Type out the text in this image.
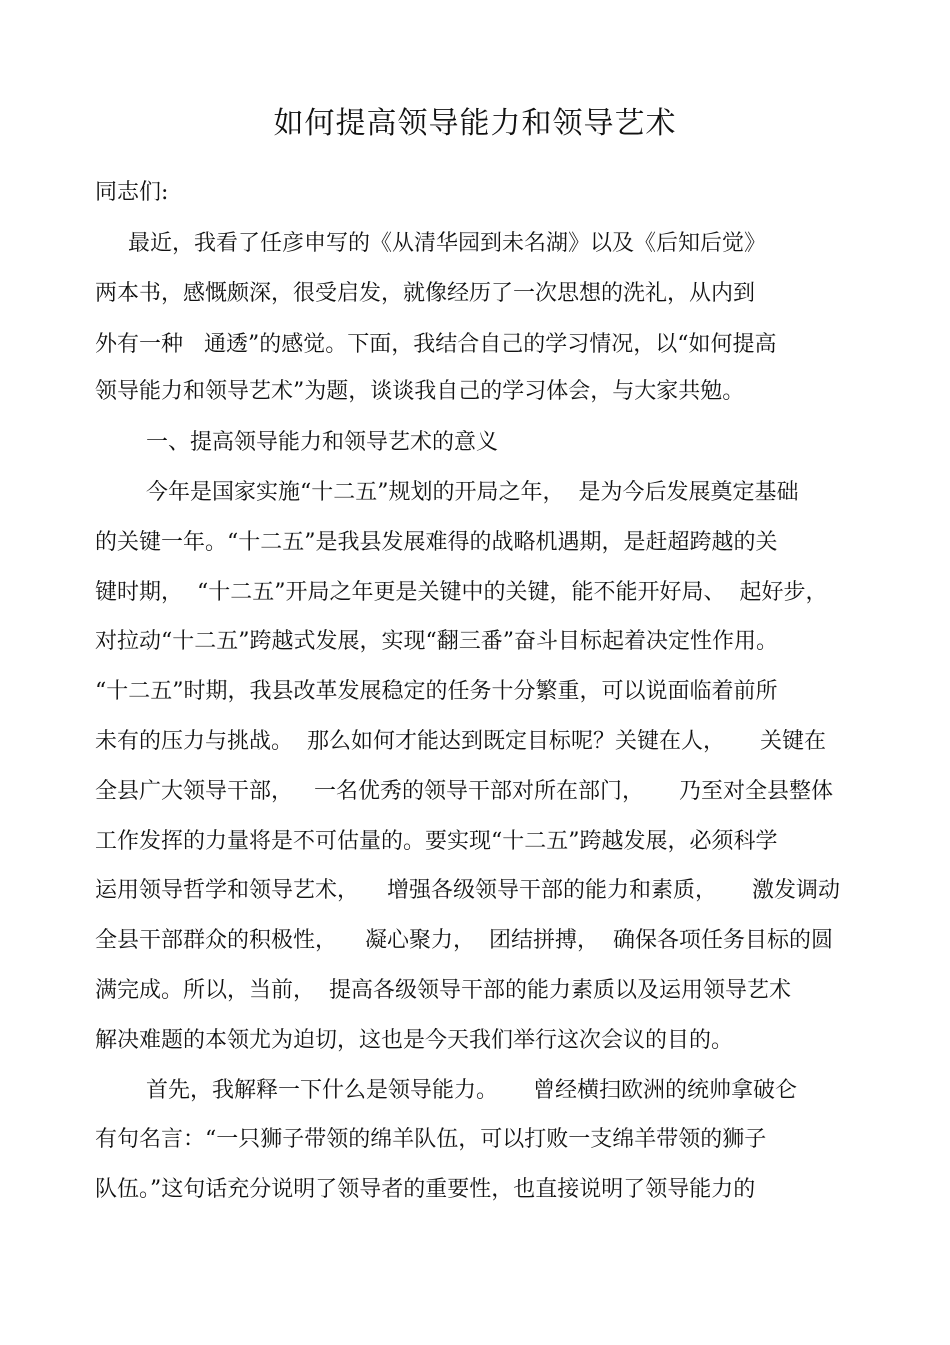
如何提高领导能力和领导艺术
同志们:
最近，我看了任彦申写的《从清华园到未名湖》以及《后知后觉》
两本书，感慨颇深，很受启发，就像经历了一次思想的洗礼，从内到
外有一种   通透”的感觉。下面，我结合自己的学习情况，以“如何提高
领导能力和领导艺术”为题，谈谈我自己的学习体会，与大家共勉。
一、提高领导能力和领导艺术的意义
今年是国家实施“十二五”规划的开局之年，  是为今后发展奠定基础
的关键一年。“十二五”是我县发展难得的战略机遇期，是赶超跨越的关
键时期，  “十二五”开局之年更是关键中的关键，能不能开好局、  起好步，
对拉动“十二五”跨越式发展，实现“翻三番”奋斗目标起着决定性作用。
“十二五”时期，我县改革发展稳定的任务十分繁重，可以说面临着前所
未有的压力与挑战。  那么如何才能达到既定目标呢？关键在人，     关键在
全县广大领导干部，   一名优秀的领导干部对所在部门，     乃至对全县整体
工作发挥的力量将是不可估量的。要实现“十二五”跨越发展，必须科学
运用领导哲学和领导艺术，    增强各级领导干部的能力和素质，     激发调动
全县干部群众的积极性，    凝心聚力，  团结拼搏，  确保各项任务目标的圆
满完成。所以，当前，  提高各级领导干部的能力素质以及运用领导艺术
解决难题的本领尤为迫切，这也是今天我们举行这次会议的目的。
首先，我解释一下什么是领导能力。     曾经横扫欧洲的统帅拿破仑
有句名言：“一只狮子带领的绵羊队伍，可以打败一支绵羊带领的狮子
队伍。”这句话充分说明了领导者的重要性，也直接说明了领导能力的
